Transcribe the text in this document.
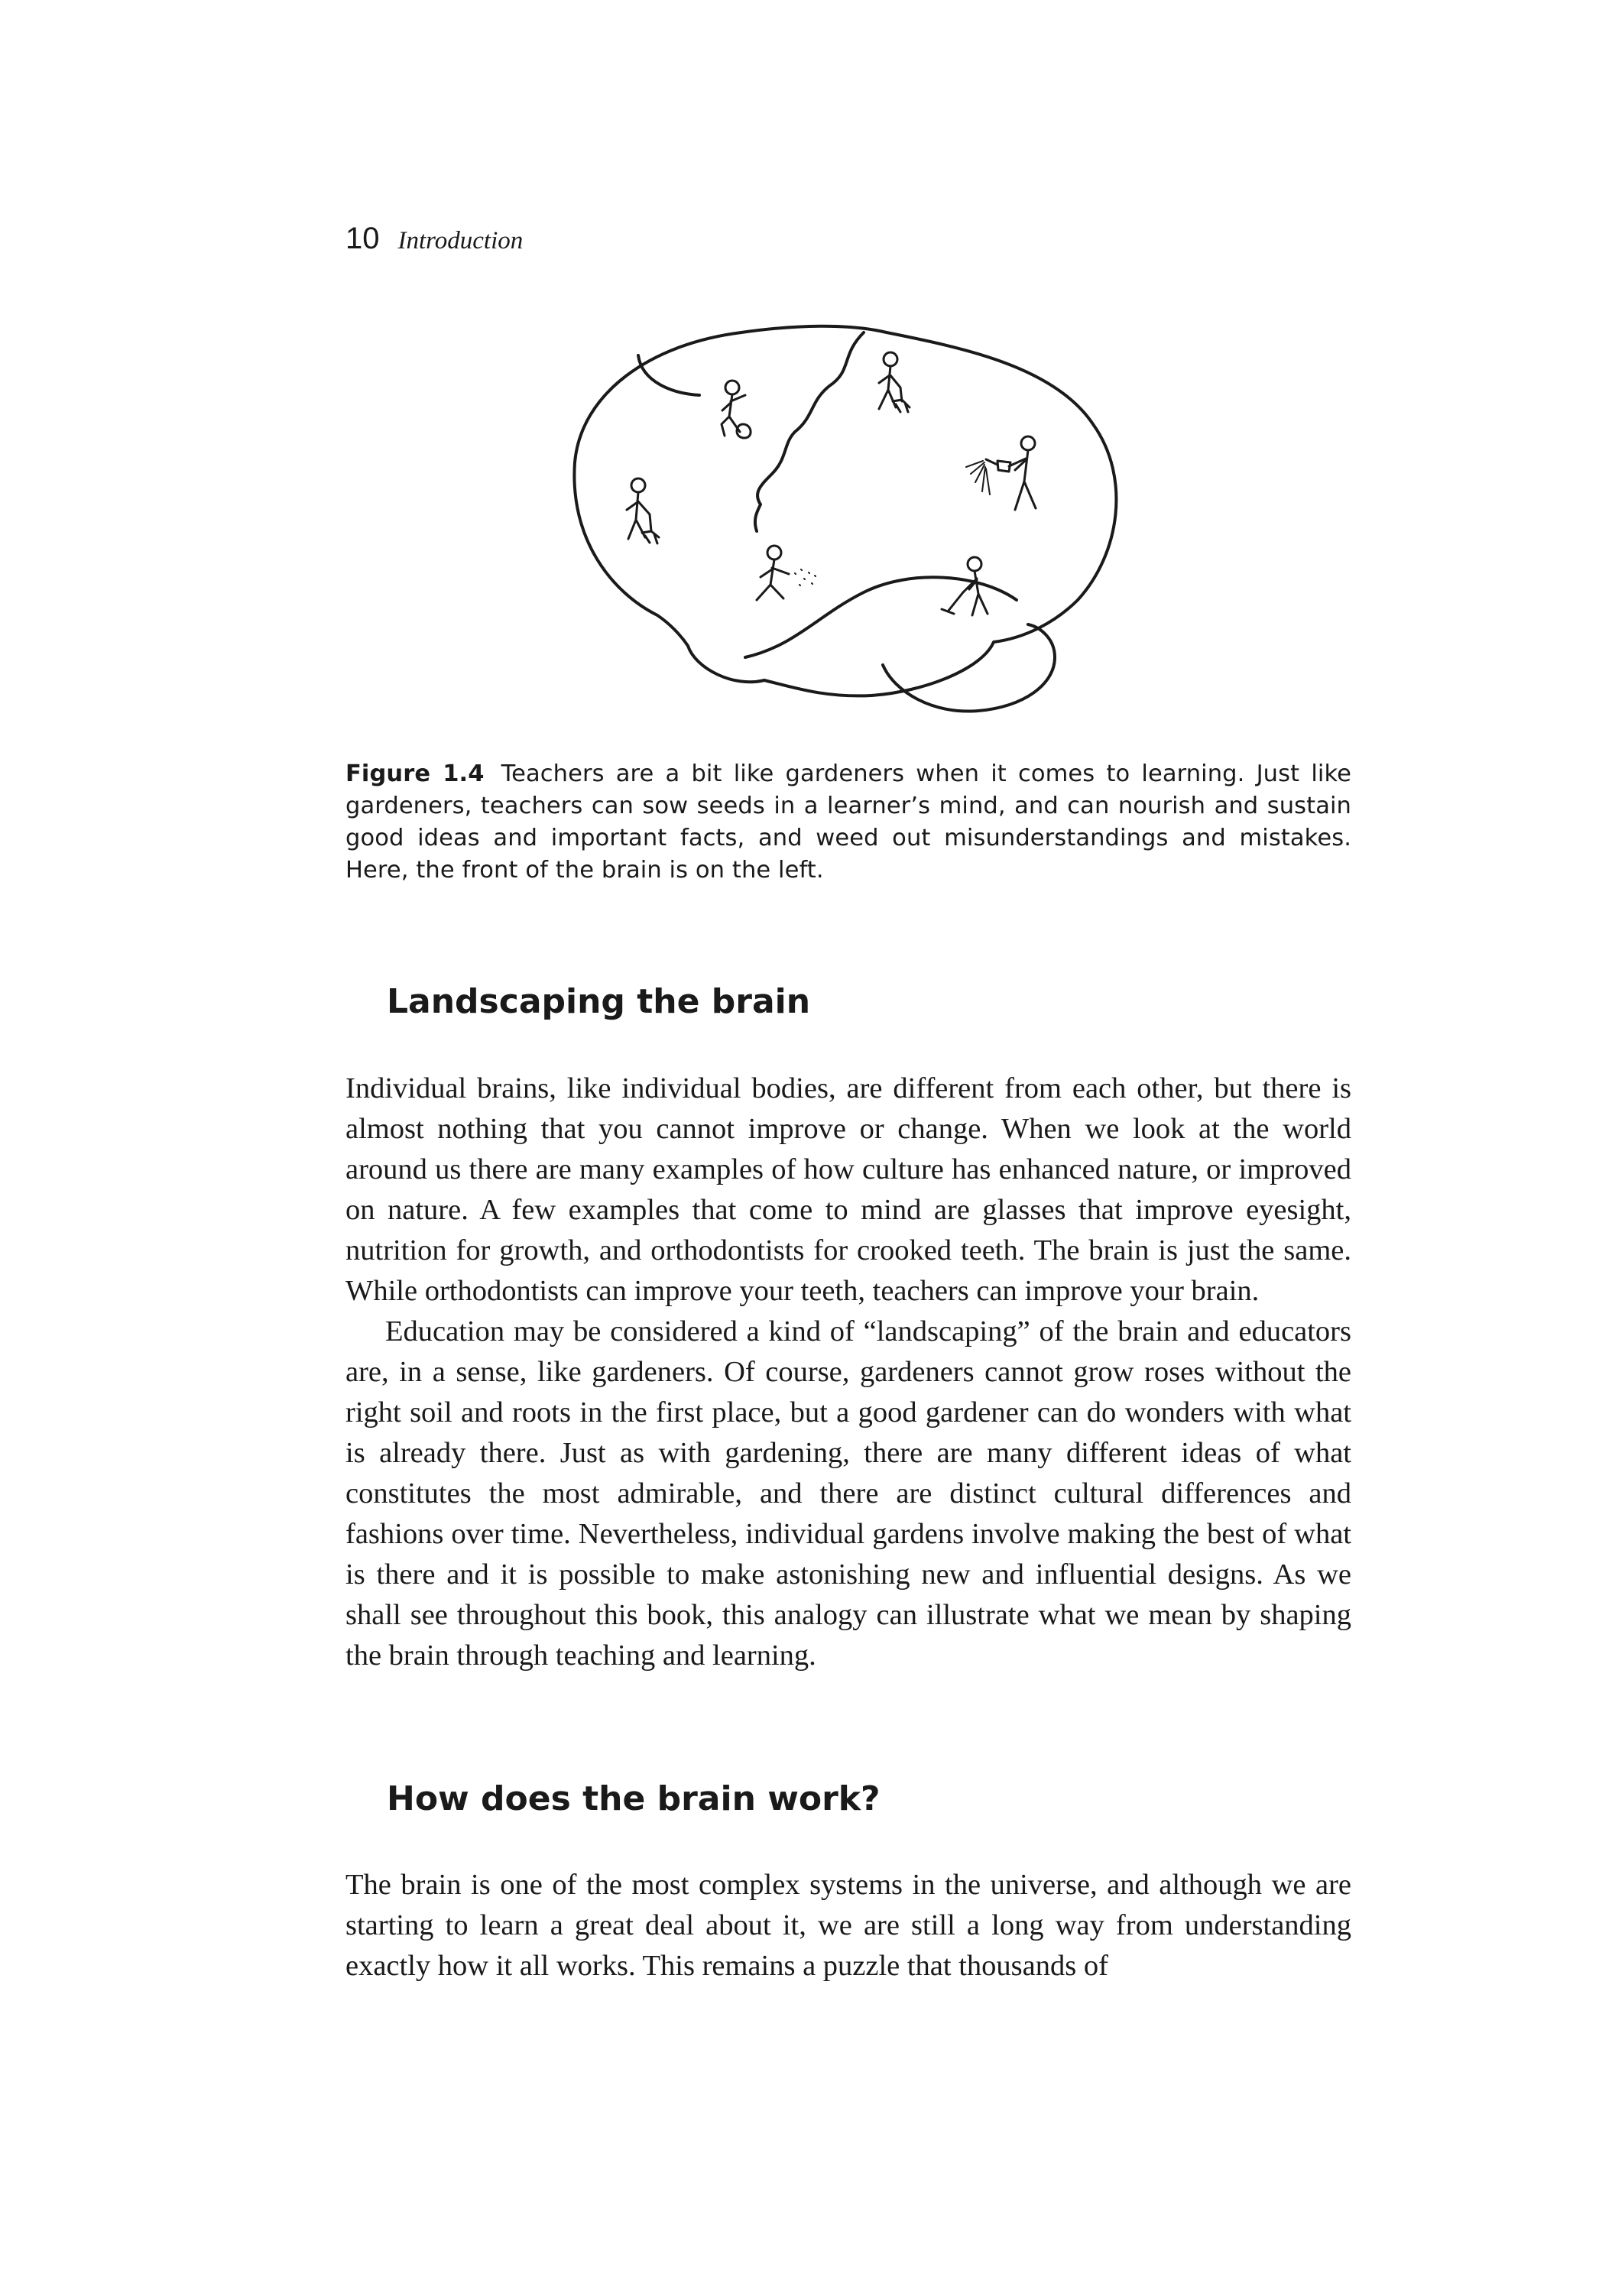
10 Introduction
Figure 1.4 Teachers are a bit like gardeners when it comes to learning. Just like gardeners, teachers can sow seeds in a learner’s mind, and can nourish and sustain good ideas and important facts, and weed out misunderstandings and mistakes. Here, the front of the brain is on the left.
Landscaping the brain

Individual brains, like individual bodies, are different from each other, but there is almost nothing that you cannot improve or change. When we look at the world around us there are many examples of how culture has enhanced nature, or improved on nature. A few examples that come to mind are glasses that improve eyesight, nutrition for growth, and orthodontists for crooked teeth. The brain is just the same. While orthodontists can improve your teeth, teachers can improve your brain.

Education may be considered a kind of “landscaping” of the brain and educators are, in a sense, like gardeners. Of course, gardeners cannot grow roses without the right soil and roots in the first place, but a good gardener can do wonders with what is already there. Just as with gardening, there are many different ideas of what constitutes the most admirable, and there are distinct cultural differences and fashions over time. Nevertheless, individual gardens involve making the best of what is there and it is possible to make astonishing new and influential designs. As we shall see throughout this book, this analogy can illustrate what we mean by shaping the brain through teaching and learning.

How does the brain work?

The brain is one of the most complex systems in the universe, and although we are starting to learn a great deal about it, we are still a long way from understanding exactly how it all works. This remains a puzzle that thousands of
